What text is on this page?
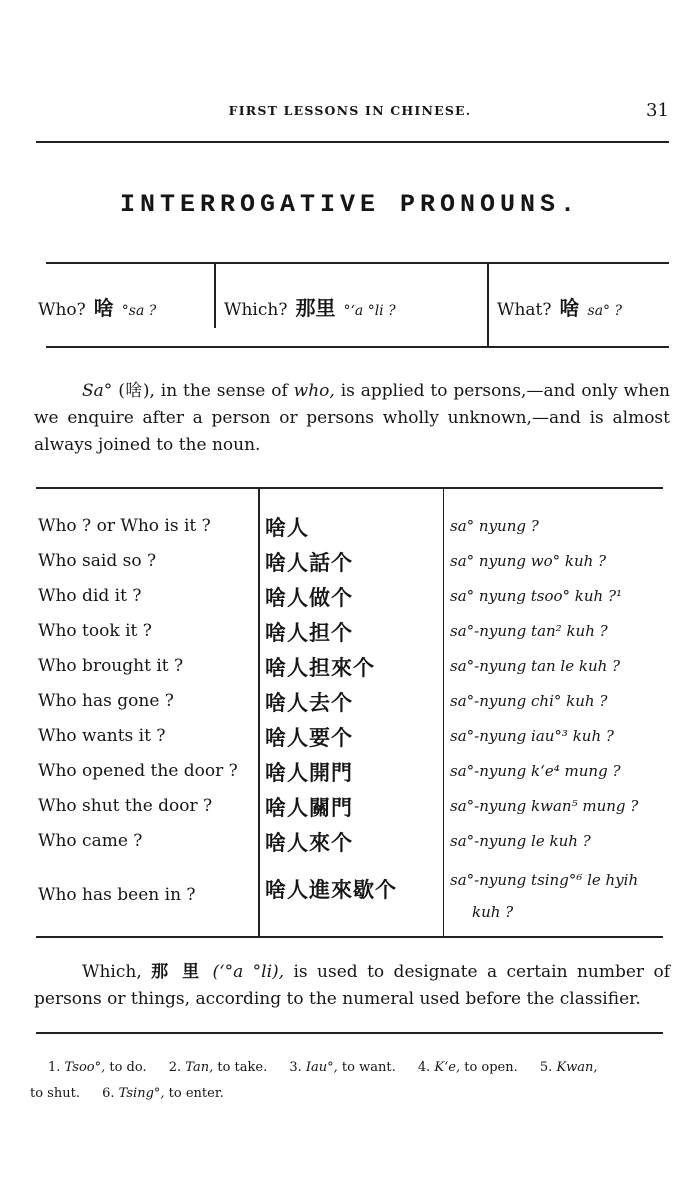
FIRST LESSONS IN CHINESE.	31
INTERROGATIVE PRONOUNS.
Who? 啥 °sa ?	Which? 那里 °‘a °li ?	What? 啥 sa° ?
Sa° (啥), in the sense of who, is applied to persons,—and only when we enquire after a person or persons wholly unknown,—and is almost always joined to the noun.
Who ? or Who is it ?	啥人	sa° nyung ?
Who said so ?	啥人話个	sa° nyung wo° kuh ?
Who did it ?	啥人做个	sa° nyung tsoo° kuh ?¹
Who took it ?	啥人担个	sa°-nyung tan² kuh ?
Who brought it ?	啥人担來个	sa°-nyung tan le kuh ?
Who has gone ?	啥人去个	sa°-nyung chi° kuh ?
Who wants it ?	啥人要个	sa°-nyung iau°³ kuh ?
Who opened the door ? 啥人開門	sa°-nyung k‘e⁴ mung ?
Who shut the door ?	啥人關門	sa°-nyung kwan⁵ mung ?
Who came ?	啥人來个	sa°-nyung le kuh ?
Who has been in ?	啥人進來歇个	sa°-nyung tsing°⁶ le hyih
kuh ?
Which, 那 里 (‘°a °li), is used to designate a certain number of persons or things, according to the numeral used before the classifier.
1. Tsoo°, to do. 2. Tan, to take. 3. Iau°, to want. 4. K‘e, to open. 5. Kwan,
to shut. 6. Tsing°, to enter.
